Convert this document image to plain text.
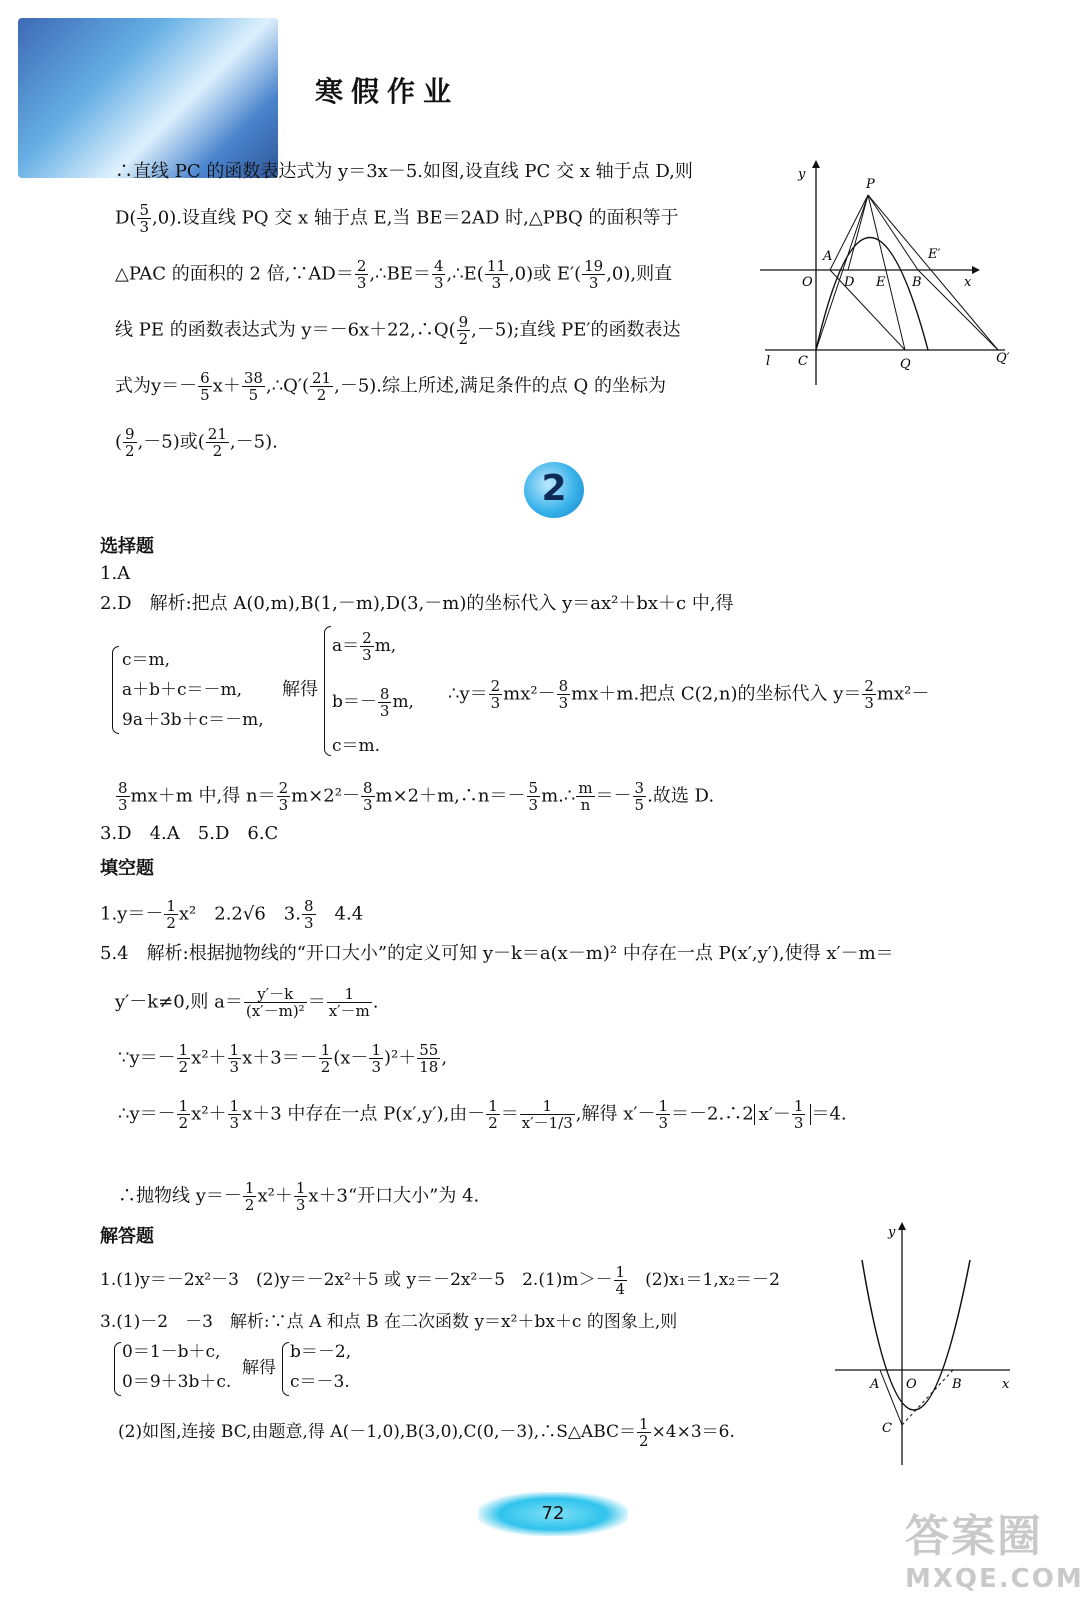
寒假作业
∴直线 PC 的函数表达式为 y＝3x－5.如图,设直线 PC 交 x 轴于点 D,则
$D( \frac{5}{3} ,0)$.设直线 PQ 交 x 轴于点 E,当 BE＝2AD 时,△PBQ 的面积等于
△PAC 的面积的 2 倍,∵AD＝ $\frac{2}{3}$ ,∴BE＝ $\frac{4}{3}$ ,∴E( $\frac{11}{3} ,0$)或 $E'( \frac{19}{3} ,0)$,则直
线 PE 的函数表达式为 y＝－6x＋22,∴Q( $\frac{9}{2} ,-5$);直线 PE′的函数表达
式为$y=- \frac{6}{5} x+ \frac{38}{5}$ ,∴Q′( $\frac{21}{2} ,-5$).综上所述,满足条件的点 Q 的坐标为
( $\frac{9}{2} ,-5$)或( $\frac{21}{2} ,-5$).
y
P
A
D E B
E′
O	x
l C	Q	Q′
2
选择题
1.A
2.D　解析:把点 A(0,m),B(1,－m),D(3,－m)的坐标代入 y＝ax²＋bx＋c 中,得
c＝m,
a＋b＋c＝－m,
9a＋3b＋c＝－m,
解得
$a= \frac{2}{3} m$,
$b=- \frac{8}{3} m$,
c＝m.
∴y＝ $\frac{2}{3} mx^2- \frac{8}{3} mx+m$.把点 C(2,n)的坐标代入 $y= \frac{2}{3} mx^2-$
$\frac{8}{3} mx+m$ 中,得 $n= \frac{2}{3} m\times 2^2- \frac{8}{3}$ m×2＋m,∴n＝－ $\frac{5}{3}$ m.∴ $\frac{m}{n} =- \frac{3}{5}$ .故选 D.
3.D　4.A　5.D　6.C
填空题
$1.y=- \frac{1}{2} x^2$　2.2√6　3. $\frac{8}{3}$ 　4.4
5.4　解析:根据抛物线的“开口大小”的定义可知 y－k＝a(x－m)² 中存在一点 P(x′,y′),使得 x′－m＝
y′－k≠0,则 $a= \frac{y'-k}{\text{(x′－m)²}} = \frac{1}{x'-m}$ .
∵y＝－ $\frac{1}{2} x^2+ \frac{1}{3} x+3=- \frac{1}{2} (x- \frac{1}{3} )^2+ \frac{55}{18}$ ,
∴y＝－ $\frac{1}{2} x^2+ \frac{1}{3} x+3$ 中存在一点 P(x′,y′),由－ $\frac{1}{2} = \frac{1}{x'-1/3}$ ,解得 $x'- \frac{1}{3}$ ＝－2.∴2 $x'- \frac{1}{3} =4$.
∴抛物线 $y=- \frac{1}{2} x^2+ \frac{1}{3}$ x＋3“开口大小”为 4.
解答题
1.(1)y＝－2x²－3　(2)y＝－2x²＋5 或 y＝－2x²－5　$2.(1)m>- \frac{1}{4}$ 　(2)x₁＝1,x₂＝－2
3.(1)－2　－3　解析:∵点 A 和点 B 在二次函数 y＝x²＋bx＋c 的图象上,则
0＝1－b＋c,
0＝9＋3b＋c.
解得
b＝－2,
c＝－3.
(2)如图,连接 BC,由题意,得 A(－1,0),B(3,0),C(0,－3),∴S△ABC＝ $\frac{1}{2} \times 4\times 3=6$.
y
A O	B	x
C
72	答案圈
MXQE.COM
